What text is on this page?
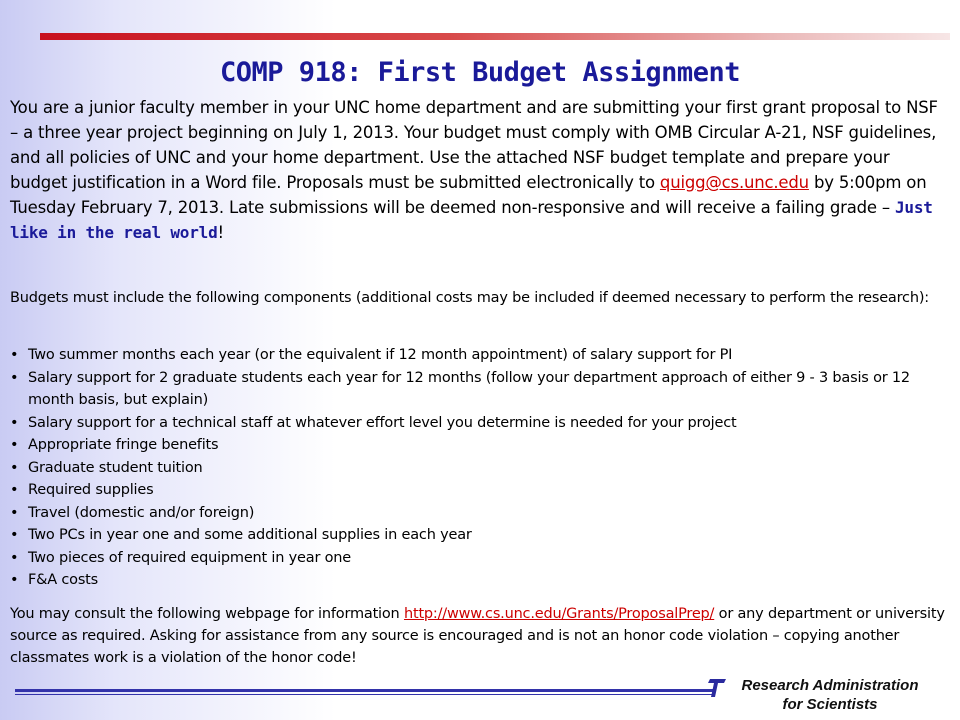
COMP 918: First Budget Assignment
You are a junior faculty member in your UNC home department and are submitting your first grant proposal to NSF – a three year project beginning on July 1, 2013. Your budget must comply with OMB Circular A-21, NSF guidelines, and all policies of UNC and your home department. Use the attached NSF budget template and prepare your budget justification in a Word file. Proposals must be submitted electronically to quigg@cs.unc.edu by 5:00pm on Tuesday February 7, 2013. Late submissions will be deemed non-responsive and will receive a failing grade – Just like in the real world!
Budgets must include the following components (additional costs may be included if deemed necessary to perform the research):
• Two summer months each year (or the equivalent if 12 month appointment) of salary support for PI
• Salary support for 2 graduate students each year for 12 months (follow your department approach of either 9 - 3 basis or 12 month basis, but explain)
• Salary support for a technical staff at whatever effort level you determine is needed for your project
• Appropriate fringe benefits
• Graduate student tuition
• Required supplies
• Travel (domestic and/or foreign)
• Two PCs in year one and some additional supplies in each year
• Two pieces of required equipment in year one
• F&A costs
You may consult the following webpage for information http://www.cs.unc.edu/Grants/ProposalPrep/ or any department or university source as required. Asking for assistance from any source is encouraged and is not an honor code violation – copying another classmates work is a violation of the honor code!
Research Administration
for Scientists
